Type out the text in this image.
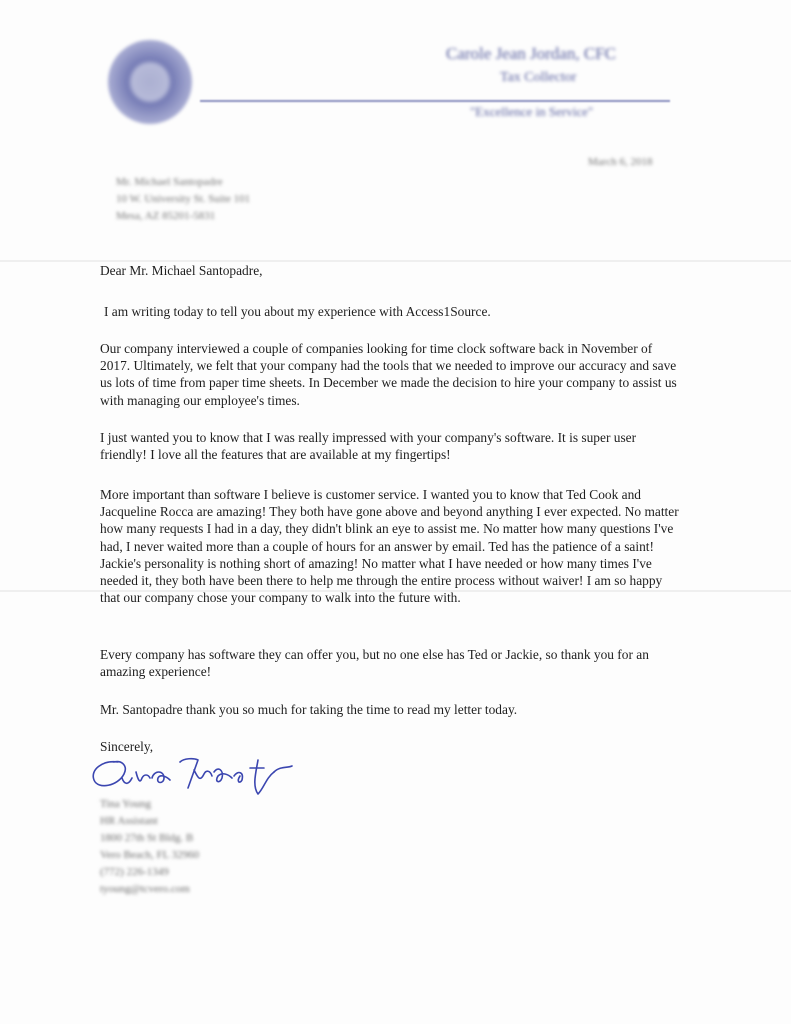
Carole Jean Jordan, CFC
Tax Collector
"Excellence in Service"
March 6, 2018
Mr. Michael Santopadre
10 W. University St. Suite 101
Mesa, AZ 85201-5831

Dear Mr. Michael Santopadre,

I am writing today to tell you about my experience with Access1Source.

Our company interviewed a couple of companies looking for time clock software back in November of 2017. Ultimately, we felt that your company had the tools that we needed to improve our accuracy and save us lots of time from paper time sheets. In December we made the decision to hire your company to assist us with managing our employee's times.

I just wanted you to know that I was really impressed with your company's software. It is super user friendly! I love all the features that are available at my fingertips!

More important than software I believe is customer service. I wanted you to know that Ted Cook and Jacqueline Rocca are amazing! They both have gone above and beyond anything I ever expected. No matter how many requests I had in a day, they didn't blink an eye to assist me. No matter how many questions I've had, I never waited more than a couple of hours for an answer by email. Ted has the patience of a saint! Jackie's personality is nothing short of amazing! No matter what I have needed or how many times I've needed it, they both have been there to help me through the entire process without waiver! I am so happy that our company chose your company to walk into the future with.

Every company has software they can offer you, but no one else has Ted or Jackie, so thank you for an amazing experience!

Mr. Santopadre thank you so much for taking the time to read my letter today.

Sincerely,

Tina Young
HR Assistant
1800 27th St Bldg. B
Vero Beach, FL 32960
(772) 226-1349
tyoung@tcvero.com
